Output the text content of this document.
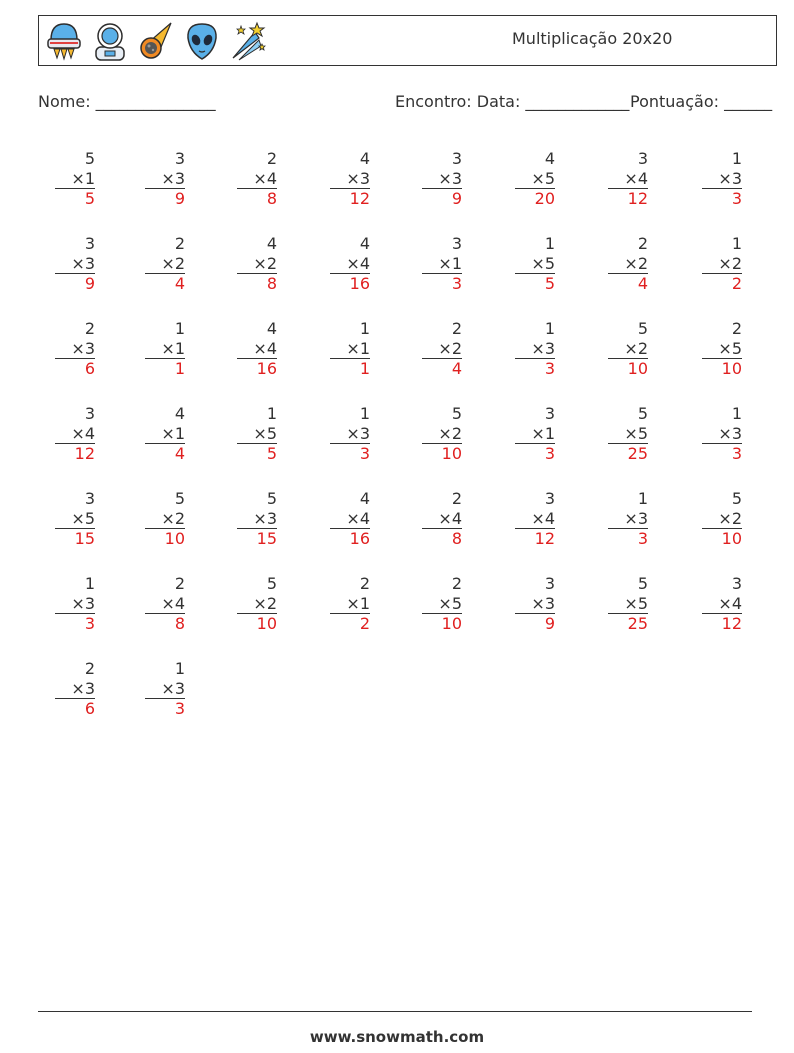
Multiplicação 20x20
Nome: _______________	Encontro: Data: _____________ Pontuação: ______
5
×1
5
3
×3
9
2
×4
8
4
×3
12
3
×3
9
4
×5
20
3
×4
12
1
×3
3
3
×3
9
2
×2
4
4
×2
8
4
×4
16
3
×1
3
1
×5
5
2
×2
4
1
×2
2
2
×3
6
1
×1
1
4
×4
16
1
×1
1
2
×2
4
1
×3
3
5
×2
10
2
×5
10
3
×4
12
4
×1
4
1
×5
5
1
×3
3
5
×2
10
3
×1
3
5
×5
25
1
×3
3
3
×5
15
5
×2
10
5
×3
15
4
×4
16
2
×4
8
3
×4
12
1
×3
3
5
×2
10
1
×3
3
2
×4
8
5
×2
10
2
×1
2
2
×5
10
3
×3
9
5
×5
25
3
×4
12
2
×3
6
1
×3
3
www.snowmath.com
